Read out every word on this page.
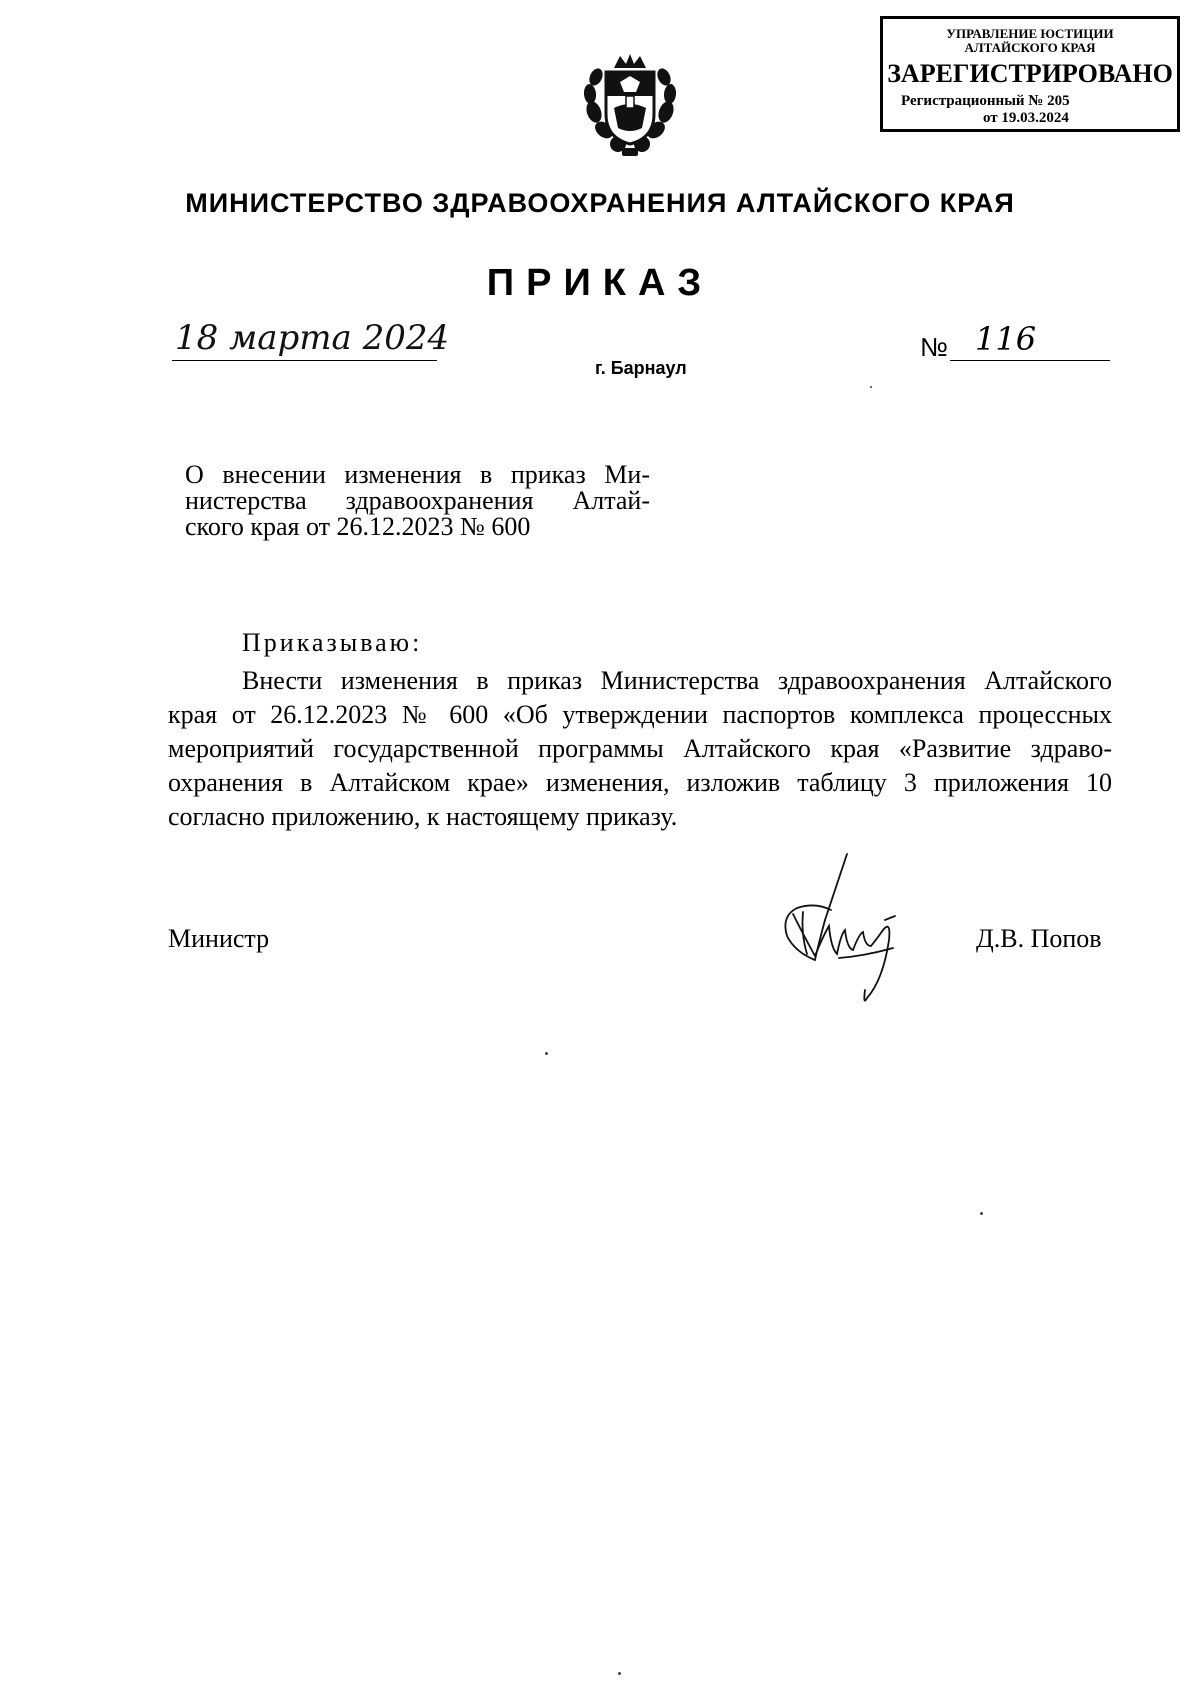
УПРАВЛЕНИЕ ЮСТИЦИИ
АЛТАЙСКОГО КРАЯ
ЗАРЕГИСТРИРОВАНО
Регистрационный № 205
от 19.03.2024
МИНИСТЕРСТВО ЗДРАВООХРАНЕНИЯ АЛТАЙСКОГО КРАЯ
ПРИКАЗ
18 марта 2024
г. Барнаул
№ 116
О внесении изменения в приказ Ми-
нистерства здравоохранения Алтай-
ского края от 26.12.2023 № 600
Приказываю:
Внести изменения в приказ Министерства здравоохранения Алтайского
края от 26.12.2023 № 600 «Об утверждении паспортов комплекса процессных
мероприятий государственной программы Алтайского края «Развитие здраво-
охранения в Алтайском крае» изменения, изложив таблицу 3 приложения 10
согласно приложению, к настоящему приказу.
Министр	Д.В. Попов
